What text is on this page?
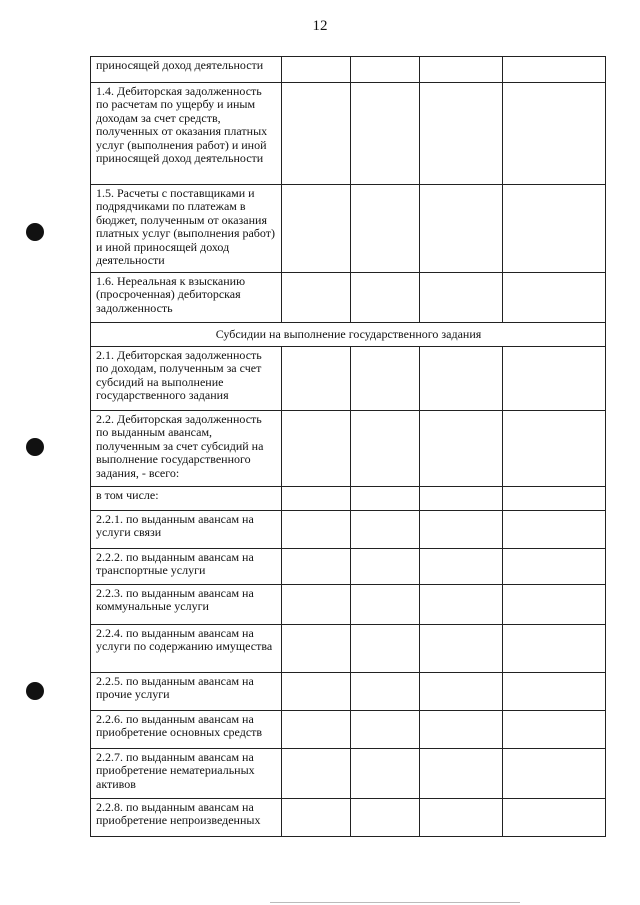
12
приносящей доход деятельности				
1.4. Дебиторская задолженность по расчетам по ущербу и иным доходам за счет средств, полученных от оказания платных услуг (выполнения работ) и иной приносящей доход деятельности				
1.5. Расчеты с поставщиками и подрядчиками по платежам в бюджет, полученным от оказания платных услуг (выполнения работ) и иной приносящей доход деятельности				
1.6. Нереальная к взысканию (просроченная) дебиторская задолженность				
Субсидии на выполнение государственного задания				
2.1. Дебиторская задолженность по доходам, полученным за счет субсидий на выполнение государственного задания				
2.2. Дебиторская задолженность по выданным авансам, полученным за счет субсидий на выполнение государственного задания, - всего:				
в том числе:				
2.2.1. по выданным авансам на услуги связи				
2.2.2. по выданным авансам на транспортные услуги				
2.2.3. по выданным авансам на коммунальные услуги				
2.2.4. по выданным авансам на услуги по содержанию имущества				
2.2.5. по выданным авансам на прочие услуги				
2.2.6. по выданным авансам на приобретение основных средств				
2.2.7. по выданным авансам на приобретение нематериальных активов				
2.2.8. по выданным авансам на приобретение непроизведенных				
